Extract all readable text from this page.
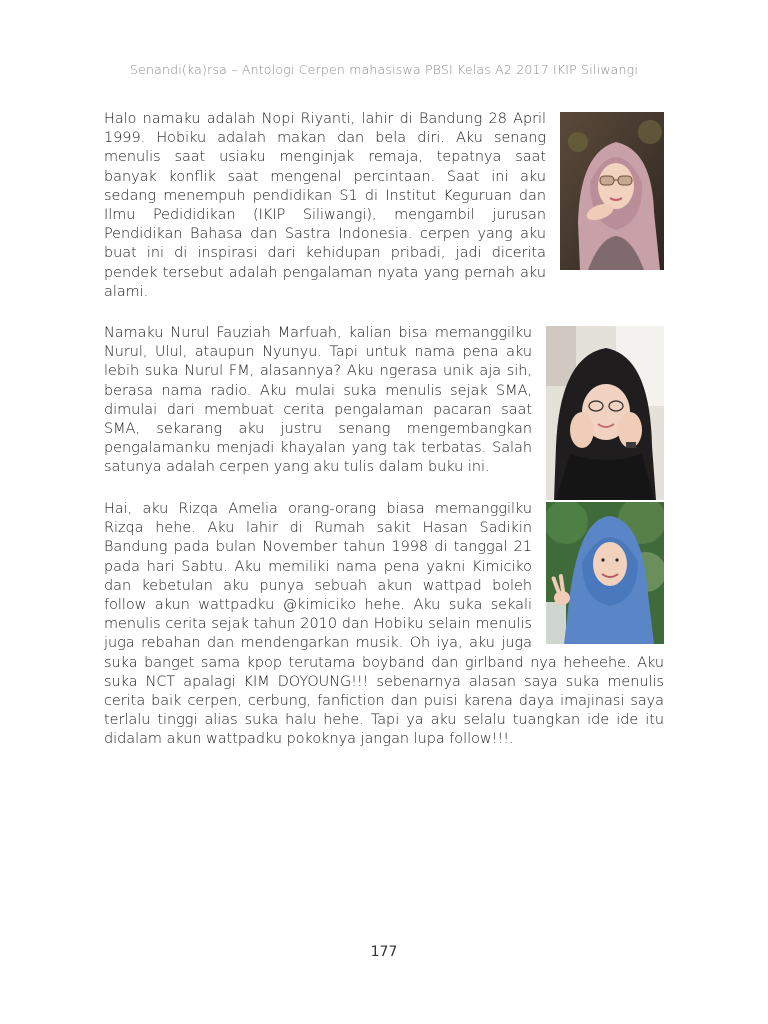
Senandi(ka)rsa – Antologi Cerpen mahasiswa PBSI Kelas A2 2017 IKIP Siliwangi
Halo namaku adalah Nopi Riyanti, lahir di Bandung 28 April 1999. Hobiku adalah makan dan bela diri. Aku senang menulis saat usiaku menginjak remaja, tepatnya saat banyak konflik saat mengenal percintaan. Saat ini aku sedang menempuh pendidikan S1 di Institut Keguruan dan Ilmu Pedididikan (IKIP Siliwangi), mengambil jurusan Pendidikan Bahasa dan Sastra Indonesia. cerpen yang aku buat ini di inspirasi dari kehidupan pribadi, jadi dicerita pendek tersebut adalah pengalaman nyata yang pernah aku alami.
Namaku Nurul Fauziah Marfuah, kalian bisa memanggilku Nurul, Ulul, ataupun Nyunyu. Tapi untuk nama pena aku lebih suka Nurul FM, alasannya? Aku ngerasa unik aja sih, berasa nama radio. Aku mulai suka menulis sejak SMA, dimulai dari membuat cerita pengalaman pacaran saat SMA, sekarang aku justru senang mengembangkan pengalamanku menjadi khayalan yang tak terbatas. Salah satunya adalah cerpen yang aku tulis dalam buku ini.
Hai, aku Rizqa Amelia orang-orang biasa memanggilku Rizqa hehe. Aku lahir di Rumah sakit Hasan Sadikin Bandung pada bulan November tahun 1998 di tanggal 21 pada hari Sabtu. Aku memiliki nama pena yakni Kimiciko dan kebetulan aku punya sebuah akun wattpad boleh follow akun wattpadku @kimiciko hehe. Aku suka sekali menulis cerita sejak tahun 2010 dan Hobiku selain menulis juga rebahan dan mendengarkan musik. Oh iya, aku juga suka banget sama kpop terutama boyband dan girlband nya heheehe. Aku suka NCT apalagi KIM DOYOUNG!!! sebenarnya alasan saya suka menulis cerita baik cerpen, cerbung, fanfiction dan puisi karena daya imajinasi saya terlalu tinggi alias suka halu hehe. Tapi ya aku selalu tuangkan ide ide itu didalam akun wattpadku pokoknya jangan lupa follow!!!.
177
